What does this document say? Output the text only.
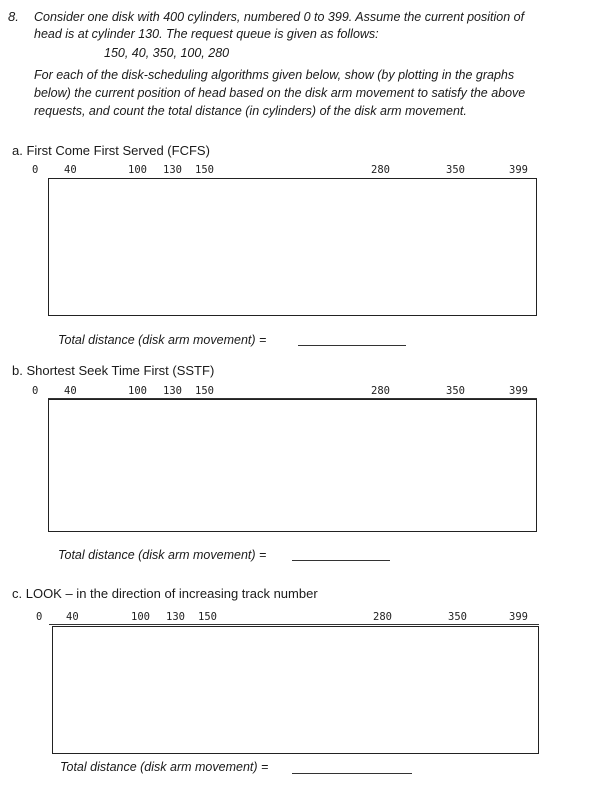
8. Consider one disk with 400 cylinders, numbered 0 to 399. Assume the current position of
head is at cylinder 130. The request queue is given as follows:
150, 40, 350, 100, 280
For each of the disk-scheduling algorithms given below, show (by plotting in the graphs
below) the current position of head based on the disk arm movement to satisfy the above
requests, and count the total distance (in cylinders) of the disk arm movement.
a. First Come First Served (FCFS)
0 40	100 130 150	280	350	399
Total distance (disk arm movement) =
b. Shortest Seek Time First (SSTF)
0 40	100 130 150	280	350	399
Total distance (disk arm movement) =
c. LOOK – in the direction of increasing track number
0 40	100 130 150	280	350	399
Total distance (disk arm movement) =
